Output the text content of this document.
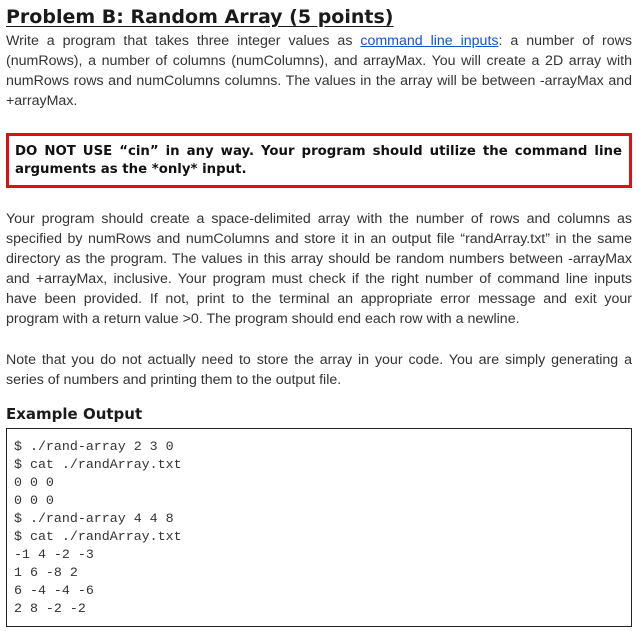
Problem B: Random Array (5 points)

Write a program that takes three integer values as command line inputs: a number of rows (numRows), a number of columns (numColumns), and arrayMax. You will create a 2D array with numRows rows and numColumns columns. The values in the array will be between -arrayMax and +arrayMax.

DO NOT USE “cin” in any way. Your program should utilize the command line arguments as the *only* input.

Your program should create a space-delimited array with the number of rows and columns as specified by numRows and numColumns and store it in an output file “randArray.txt” in the same directory as the program. The values in this array should be random numbers between -arrayMax and +arrayMax, inclusive. Your program must check if the right number of command line inputs have been provided. If not, print to the terminal an appropriate error message and exit your program with a return value >0. The program should end each row with a newline.

Note that you do not actually need to store the array in your code. You are simply generating a series of numbers and printing them to the output file.

Example Output
$ ./rand-array 2 3 0
$ cat ./randArray.txt
0 0 0
0 0 0
$ ./rand-array 4 4 8
$ cat ./randArray.txt
-1 4 -2 -3
1 6 -8 2
6 -4 -4 -6
2 8 -2 -2
